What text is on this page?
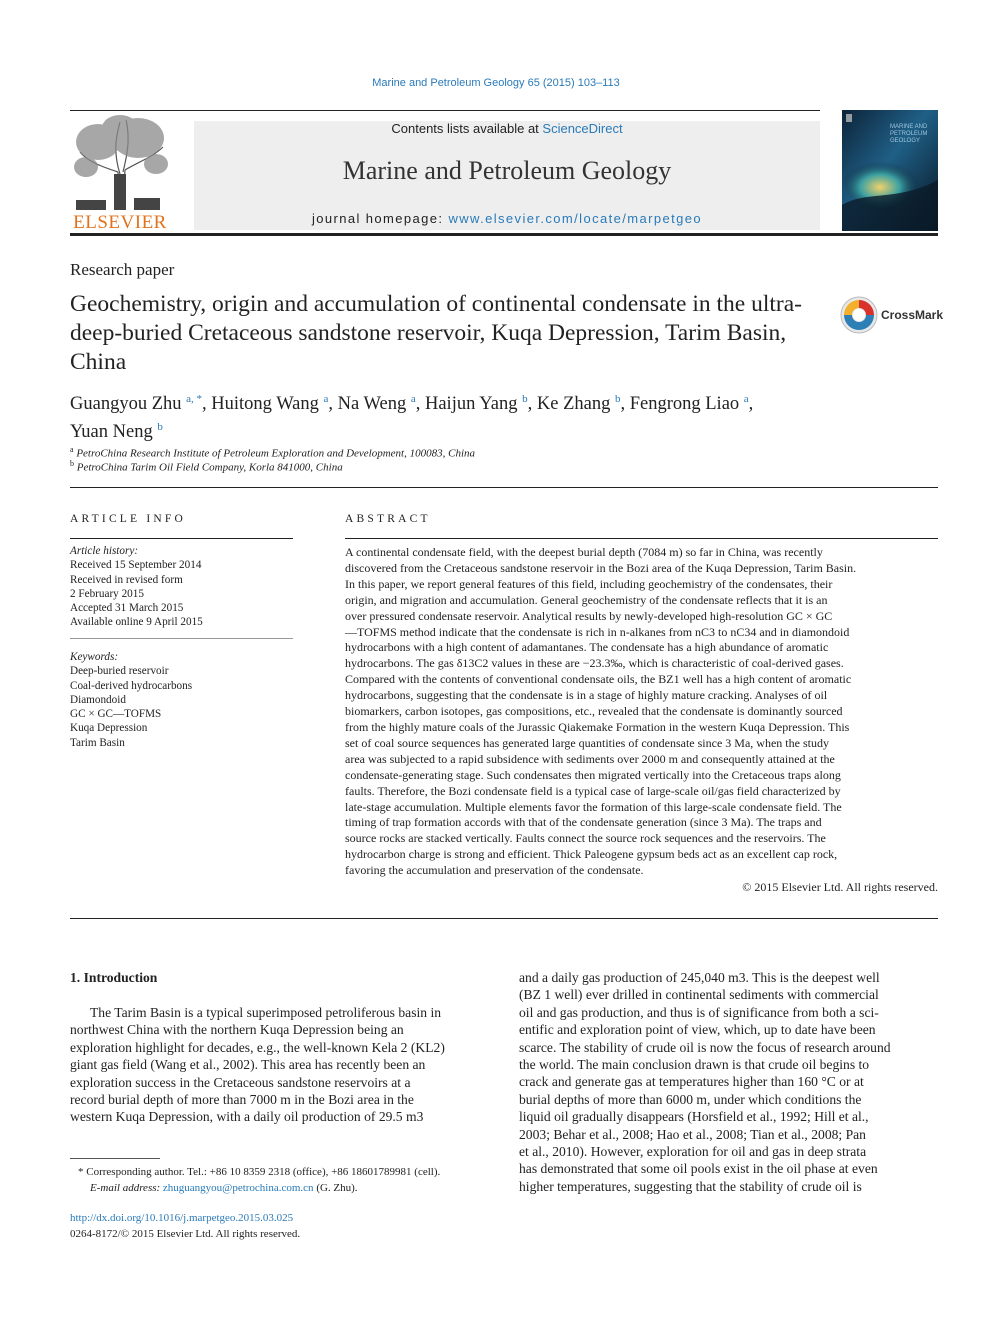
Marine and Petroleum Geology 65 (2015) 103–113
ELSEVIER
Contents lists available at ScienceDirect
Marine and Petroleum Geology
journal homepage: www.elsevier.com/locate/marpetgeo
MARINE AND PETROLEUM GEOLOGY
Research paper
Geochemistry, origin and accumulation of continental condensate in the ultra-deep-buried Cretaceous sandstone reservoir, Kuqa Depression, Tarim Basin, China
CrossMark
Guangyou Zhu $^{a, *}$, Huitong Wang $^a$, Na Weng $^a$, Haijun Yang $^b$, Ke Zhang $^b$, Fengrong Liao $^a$,
Yuan Neng $^b$
$^a$ PetroChina Research Institute of Petroleum Exploration and Development, 100083, China
$^b$ PetroChina Tarim Oil Field Company, Korla 841000, China
ARTICLE INFO
Article history:
Received 15 September 2014
Received in revised form
2 February 2015
Accepted 31 March 2015
Available online 9 April 2015
Keywords:
Deep-buried reservoir
Coal-derived hydrocarbons
Diamondoid
GC × GC—TOFMS
Kuqa Depression
Tarim Basin
ABSTRACT
A continental condensate field, with the deepest burial depth (7084 m) so far in China, was recently
discovered from the Cretaceous sandstone reservoir in the Bozi area of the Kuqa Depression, Tarim Basin.
In this paper, we report general features of this field, including geochemistry of the condensates, their
origin, and migration and accumulation. General geochemistry of the condensate reflects that it is an
over pressured condensate reservoir. Analytical results by newly-developed high-resolution GC × GC
—TOFMS method indicate that the condensate is rich in n-alkanes from nC3 to nC34 and in diamondoid
hydrocarbons with a high content of adamantanes. The condensate has a high abundance of aromatic
hydrocarbons. The gas δ13C2 values in these are −23.3‰, which is characteristic of coal-derived gases.
Compared with the contents of conventional condensate oils, the BZ1 well has a high content of aromatic
hydrocarbons, suggesting that the condensate is in a stage of highly mature cracking. Analyses of oil
biomarkers, carbon isotopes, gas compositions, etc., revealed that the condensate is dominantly sourced
from the highly mature coals of the Jurassic Qiakemake Formation in the western Kuqa Depression. This
set of coal source sequences has generated large quantities of condensate since 3 Ma, when the study
area was subjected to a rapid subsidence with sediments over 2000 m and consequently attained at the
condensate-generating stage. Such condensates then migrated vertically into the Cretaceous traps along
faults. Therefore, the Bozi condensate field is a typical case of large-scale oil/gas field characterized by
late-stage accumulation. Multiple elements favor the formation of this large-scale condensate field. The
timing of trap formation accords with that of the condensate generation (since 3 Ma). The traps and
source rocks are stacked vertically. Faults connect the source rock sequences and the reservoirs. The
hydrocarbon charge is strong and efficient. Thick Paleogene gypsum beds act as an excellent cap rock,
favoring the accumulation and preservation of the condensate.
© 2015 Elsevier Ltd. All rights reserved.
1. Introduction
The Tarim Basin is a typical superimposed petroliferous basin in
northwest China with the northern Kuqa Depression being an
exploration highlight for decades, e.g., the well-known Kela 2 (KL2)
giant gas field (Wang et al., 2002). This area has recently been an
exploration success in the Cretaceous sandstone reservoirs at a
record burial depth of more than 7000 m in the Bozi area in the
western Kuqa Depression, with a daily oil production of 29.5 m3
and a daily gas production of 245,040 m3. This is the deepest well
(BZ 1 well) ever drilled in continental sediments with commercial
oil and gas production, and thus is of significance from both a sci-
entific and exploration point of view, which, up to date have been
scarce. The stability of crude oil is now the focus of research around
the world. The main conclusion drawn is that crude oil begins to
crack and generate gas at temperatures higher than 160 °C or at
burial depths of more than 6000 m, under which conditions the
liquid oil gradually disappears (Horsfield et al., 1992; Hill et al.,
2003; Behar et al., 2008; Hao et al., 2008; Tian et al., 2008; Pan
et al., 2010). However, exploration for oil and gas in deep strata
has demonstrated that some oil pools exist in the oil phase at even
higher temperatures, suggesting that the stability of crude oil is
* Corresponding author. Tel.: +86 10 8359 2318 (office), +86 18601789981 (cell).
E-mail address: zhuguangyou@petrochina.com.cn (G. Zhu).
http://dx.doi.org/10.1016/j.marpetgeo.2015.03.025
0264-8172/© 2015 Elsevier Ltd. All rights reserved.
